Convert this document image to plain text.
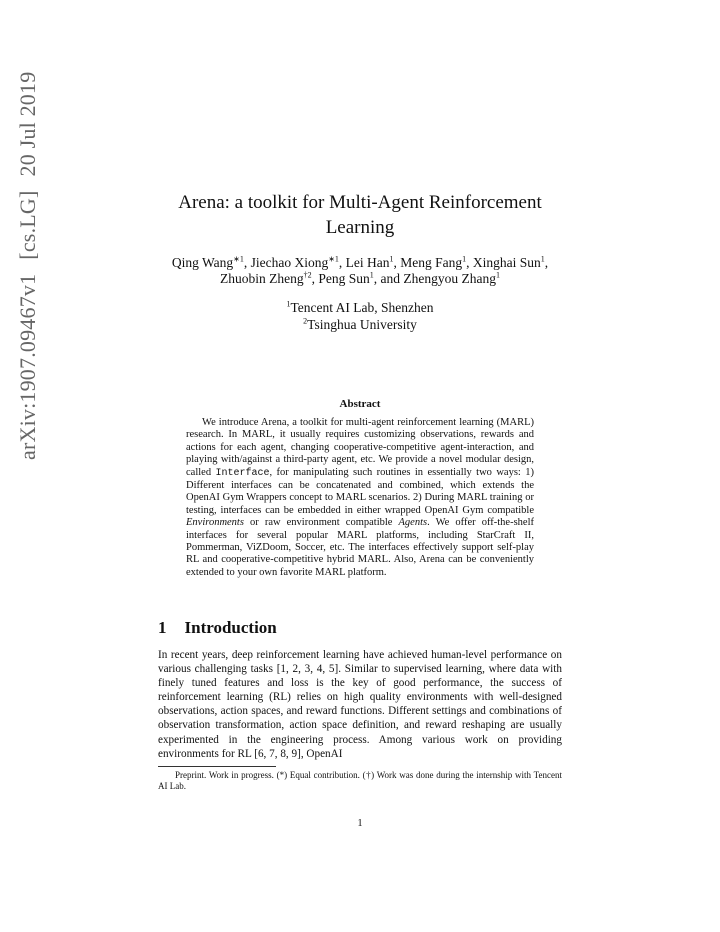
arXiv:1907.09467v1[cs.LG]20 Jul 2019
Arena: a toolkit for Multi-Agent Reinforcement
Learning
Qing Wang$^{∗1}$, Jiechao Xiong$^{∗1}$, Lei Han$^1$, Meng Fang$^1$, Xinghai Sun$^1$, Zhuobin Zheng$^{\dagger 2}$, Peng Sun$^1$, and Zhengyou Zhang$^1$
$^1$Tencent AI Lab, Shenzhen
$^2$Tsinghua University
Abstract
We introduce Arena, a toolkit for multi-agent reinforcement learning (MARL) research. In MARL, it usually requires customizing observations, rewards and actions for each agent, changing cooperative-competitive agent-interaction, and playing with/against a third-party agent, etc. We provide a novel modular design, called Interface, for manipulating such routines in essentially two ways: 1) Different interfaces can be concatenated and combined, which extends the OpenAI Gym Wrappers concept to MARL scenarios. 2) During MARL training or testing, interfaces can be embedded in either wrapped OpenAI Gym compatible Environments or raw environment compatible Agents. We offer off-the-shelf interfaces for several popular MARL platforms, including StarCraft II, Pommerman, ViZDoom, Soccer, etc. The interfaces effectively support self-play RL and cooperative-competitive hybrid MARL. Also, Arena can be conveniently extended to your own favorite MARL platform.
1 Introduction
In recent years, deep reinforcement learning have achieved human-level performance on various challenging tasks [1, 2, 3, 4, 5]. Similar to supervised learning, where data with finely tuned features and loss is the key of good performance, the success of reinforcement learning (RL) relies on high quality environments with well-designed observations, action spaces, and reward functions. Different settings and combinations of observation transformation, action space definition, and reward reshaping are usually experimented in the engineering process. Among various work on providing environments for RL [6, 7, 8, 9], OpenAI
Preprint. Work in progress. (*) Equal contribution. (†) Work was done during the internship with Tencent AI Lab.
1
